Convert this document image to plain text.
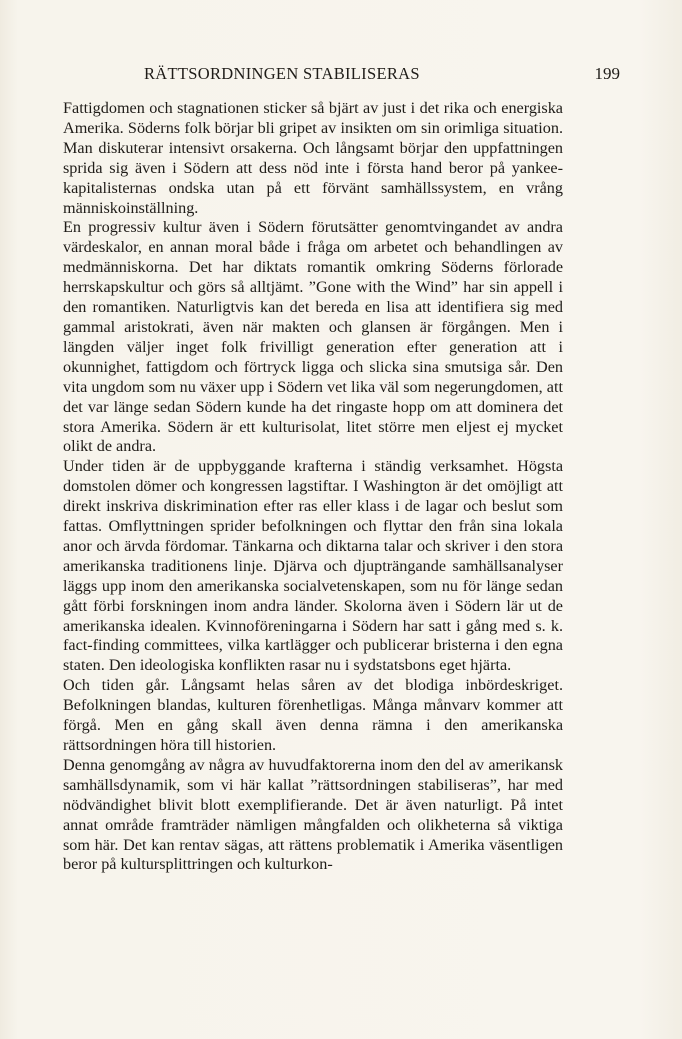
RÄTTSORDNINGEN STABILISERAS	199

Fattigdomen och stagnationen sticker så bjärt av just i det rika och energiska Amerika. Söderns folk börjar bli gripet av insikten om sin orimliga situation. Man diskuterar intensivt orsakerna. Och långsamt börjar den uppfattningen sprida sig även i Södern att dess nöd inte i första hand beror på yankee-kapitalisternas ondska utan på ett förvänt samhällssystem, en vrång människoinställning.

En progressiv kultur även i Södern förutsätter genomtvingandet av andra värdeskalor, en annan moral både i fråga om arbetet och behandlingen av medmänniskorna. Det har diktats romantik omkring Söderns förlorade herrskapskultur och görs så alltjämt. ”Gone with the Wind” har sin appell i den romantiken. Naturligtvis kan det bereda en lisa att identifiera sig med gammal aristokrati, även när makten och glansen är förgången. Men i längden väljer inget folk frivilligt generation efter generation att i okunnighet, fattigdom och förtryck ligga och slicka sina smutsiga sår. Den vita ungdom som nu växer upp i Södern vet lika väl som negerungdomen, att det var länge sedan Södern kunde ha det ringaste hopp om att dominera det stora Amerika. Södern är ett kulturisolat, litet större men eljest ej mycket olikt de andra.

Under tiden är de uppbyggande krafterna i ständig verksamhet. Högsta domstolen dömer och kongressen lagstiftar. I Washington är det omöjligt att direkt inskriva diskrimination efter ras eller klass i de lagar och beslut som fattas. Omflyttningen sprider befolkningen och flyttar den från sina lokala anor och ärvda fördomar. Tänkarna och diktarna talar och skriver i den stora amerikanska traditionens linje. Djärva och djupträngande samhällsanalyser läggs upp inom den amerikanska socialvetenskapen, som nu för länge sedan gått förbi forskningen inom andra länder. Skolorna även i Södern lär ut de amerikanska idealen. Kvinnoföreningarna i Södern har satt i gång med s. k. fact-finding committees, vilka kartlägger och publicerar bristerna i den egna staten. Den ideologiska konflikten rasar nu i sydstatsbons eget hjärta.

Och tiden går. Långsamt helas såren av det blodiga inbördeskriget. Befolkningen blandas, kulturen förenhetligas. Många månvarv kommer att förgå. Men en gång skall även denna rämna i den amerikanska rättsordningen höra till historien.

Denna genomgång av några av huvudfaktorerna inom den del av amerikansk samhällsdynamik, som vi här kallat ”rättsordningen stabiliseras”, har med nödvändighet blivit blott exemplifierande. Det är även naturligt. På intet annat område framträder nämligen mångfalden och olikheterna så viktiga som här. Det kan rentav sägas, att rättens problematik i Amerika väsentligen beror på kultursplittringen och kulturkon-
